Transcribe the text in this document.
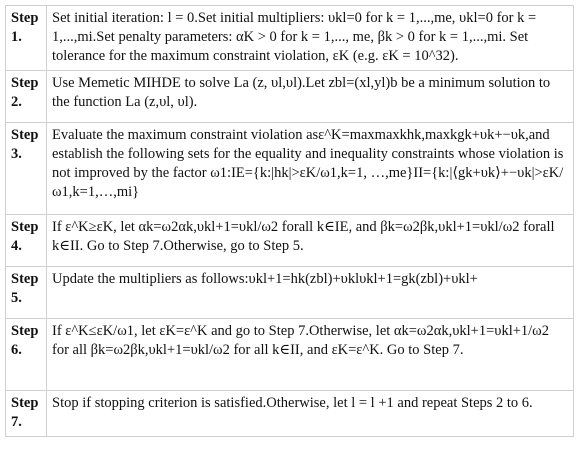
Step
1.	Set initial iteration: l = 0.Set initial multipliers: υkl=0 for k = 1,...,me, υkl=0 for k = 1,...,mi.Set penalty parameters: αK > 0 for k = 1,..., me, βk > 0 for k = 1,...,mi. Set tolerance for the maximum constraint violation, εK (e.g. εK = 10^32).

Step
2.	Use Memetic MIHDE to solve La (z, υl,υl).Let zbl=(xl,yl)b be a minimum solution to the function La (z,υl, υl).

Step
3.	Evaluate the maximum constraint violation asε^K=maxmaxkhk,maxkgk+υk+−υk,and establish the following sets for the equality and inequality constraints whose violation is not improved by the factor ω1:IE={k:|hk|>εK/ω1,k=1, …,me}II={k:|⟨gk+υk⟩+−υk|>εK/ω1,k=1,…,mi}

Step
4.	If ε^K≥εK, let αk=ω2αk,υkl+1=υkl/ω2 forall k∈IE, and βk=ω2βk,υkl+1=υkl/ω2 forall k∈II. Go to Step 7.Otherwise, go to Step 5.

Step
5.	Update the multipliers as follows:υkl+1=hk(zbl)+υklυkl+1=gk(zbl)+υkl+

Step
6.	If ε^K≤εK/ω1, let εK=ε^K and go to Step 7.Otherwise, let αk=ω2αk,υkl+1=υkl+1/ω2 for all βk=ω2βk,υkl+1=υkl/ω2 for all k∈II, and εK=ε^K. Go to Step 7.

Step
7.	Stop if stopping criterion is satisfied.Otherwise, let l = l +1 and repeat Steps 2 to 6.
